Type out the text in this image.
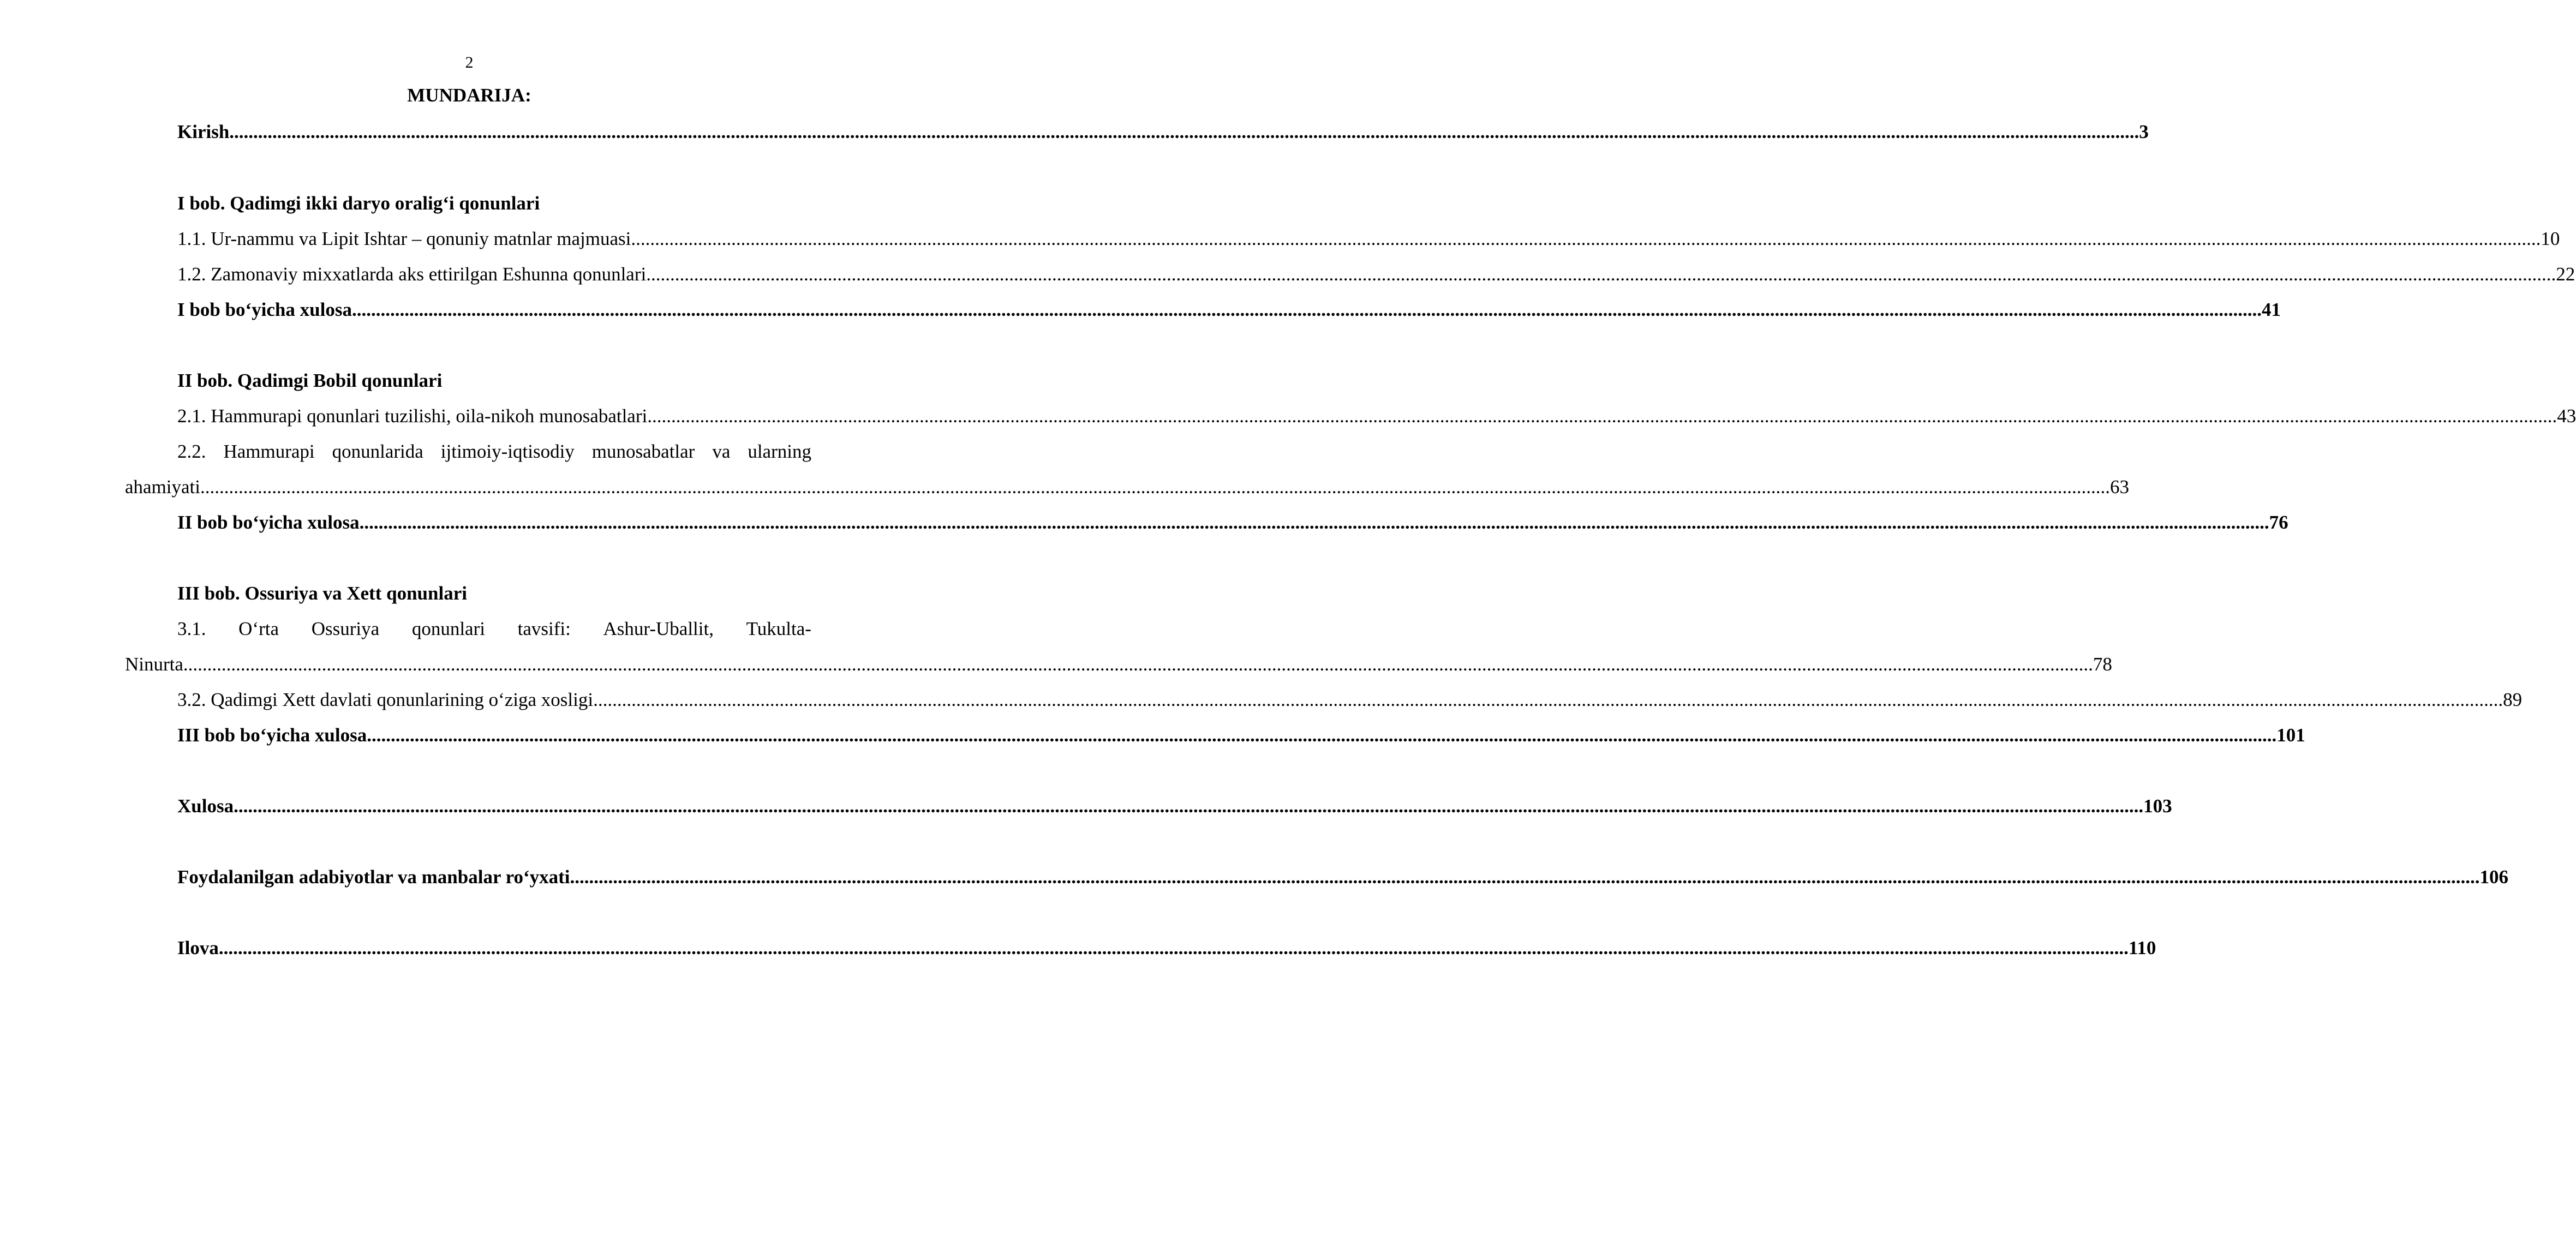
2
MUNDARIJA:
Kirish ................................................................................................................................................................................................................................................................................................................................................................................................................ 3
I bob. Qadimgi ikki daryo oralig‘i qonunlari
1.1. Ur-nammu va Lipit Ishtar – qonuniy matnlar majmuasi ................................................................................................................................................................................................................................................................................................................................................................................................................ 10
1.2. Zamonaviy mixxatlarda aks ettirilgan Eshunna qonunlari ................................................................................................................................................................................................................................................................................................................................................................................................................ 22
I bob bo‘yicha xulosa ................................................................................................................................................................................................................................................................................................................................................................................................................ 41
II bob. Qadimgi Bobil qonunlari
2.1. Hammurapi qonunlari tuzilishi, oila-nikoh munosabatlari ................................................................................................................................................................................................................................................................................................................................................................................................................ 43
2.2. Hammurapi qonunlarida ijtimoiy-iqtisodiy munosabatlar va ularning
ahamiyati ................................................................................................................................................................................................................................................................................................................................................................................................................ 63
II bob bo‘yicha xulosa ................................................................................................................................................................................................................................................................................................................................................................................................................ 76
III bob. Ossuriya va Xett qonunlari
3.1. O‘rta Ossuriya qonunlari tavsifi: Ashur-Uballit, Tukulta-
Ninurta ................................................................................................................................................................................................................................................................................................................................................................................................................ 78
3.2. Qadimgi Xett davlati qonunlarining o‘ziga xosligi ................................................................................................................................................................................................................................................................................................................................................................................................................ 89
III bob bo‘yicha xulosa ................................................................................................................................................................................................................................................................................................................................................................................................................ 101
Xulosa ................................................................................................................................................................................................................................................................................................................................................................................................................ 103
Foydalanilgan adabiyotlar va manbalar ro‘yxati ................................................................................................................................................................................................................................................................................................................................................................................................................ 106
Ilova ................................................................................................................................................................................................................................................................................................................................................................................................................ 110
